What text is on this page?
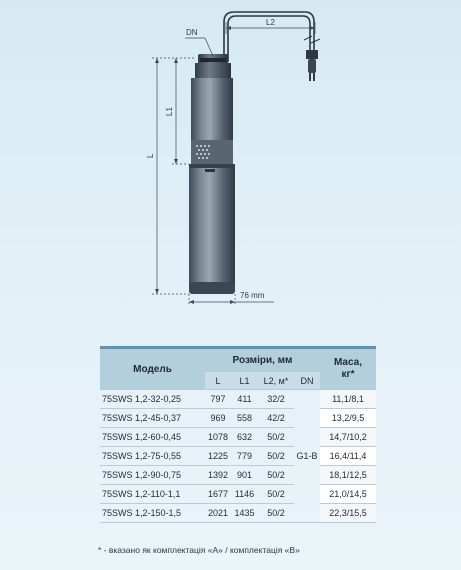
DN
L2
L1
L
76 mm
Модель	Розміри, мм				Маса,
кг*

	L	L1	L2, м*	DN	
75SWS 1,2-32-0,25	797	411	32/2	G1-B	11,1/8,1
75SWS 1,2-45-0,37	969	558	42/2		13,2/9,5
75SWS 1,2-60-0,45	1078	632	50/2		14,7/10,2
75SWS 1,2-75-0,55	1225	779	50/2		16,4/11,4
75SWS 1,2-90-0,75	1392	901	50/2		18,1/12,5
75SWS 1,2-110-1,1	1677	1146	50/2		21,0/14,5
75SWS 1,2-150-1,5	2021	1435	50/2		22,3/15,5
* - вказано як комплектація «А» / комплектація «В»
